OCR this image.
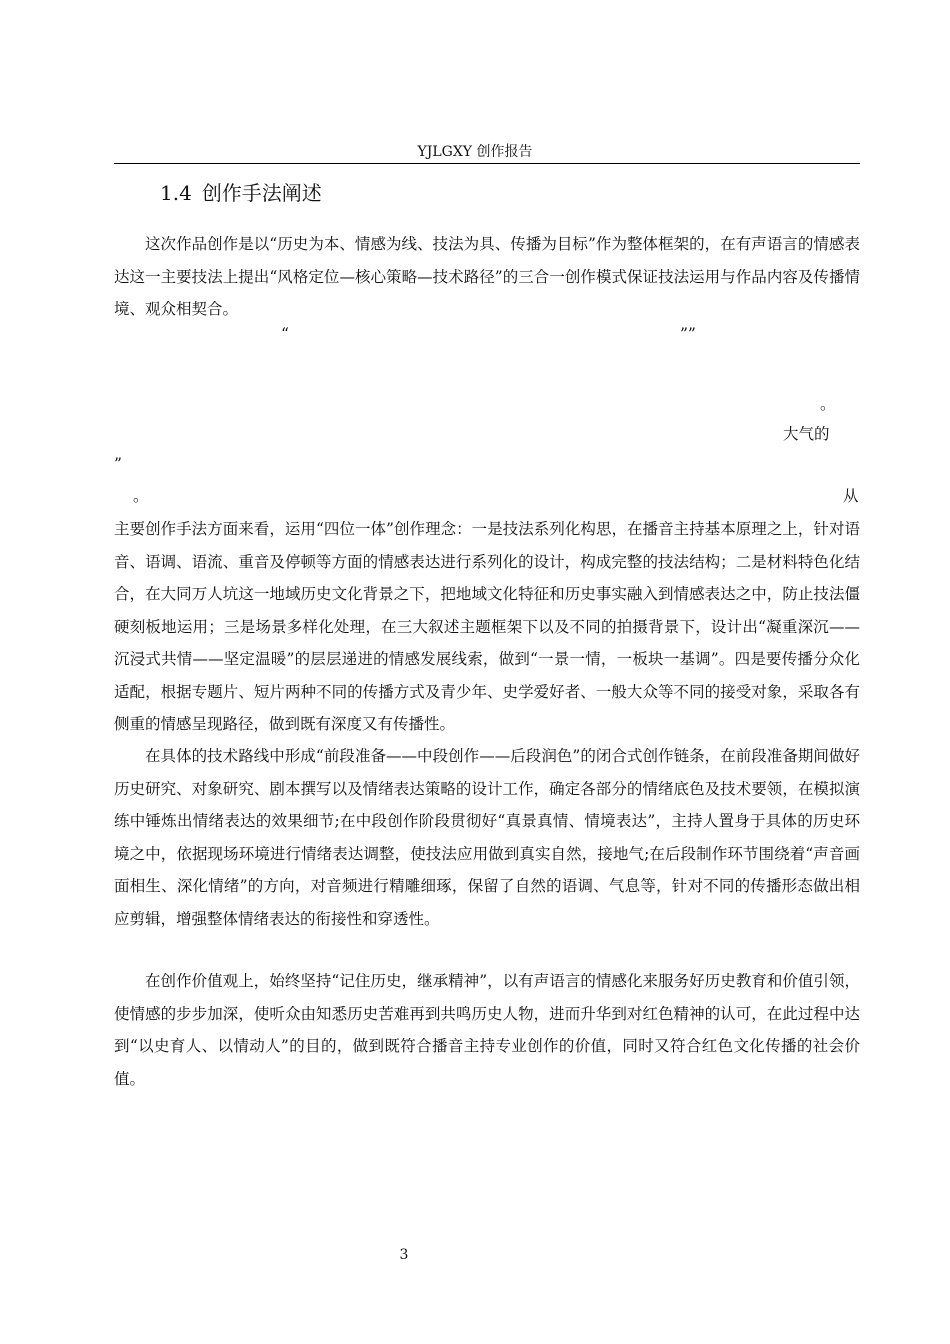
YJLGXY 创作报告
1.4 创作手法阐述

这次作品创作是以“历史为本、情感为线、技法为具、传播为目标”作为整体框架的，在有声语言的情感表达这一主要技法上提出“风格定位—核心策略—技术路径”的三合一创作模式保证技法运用与作品内容及传播情境、观众相契合。

“	””
。
大气的
”
。	从

主要创作手法方面来看，运用“四位一体”创作理念：一是技法系列化构思，在播音主持基本原理之上，针对语音、语调、语流、重音及停顿等方面的情感表达进行系列化的设计，构成完整的技法结构；二是材料特色化结合，在大同万人坑这一地域历史文化背景之下，把地域文化特征和历史事实融入到情感表达之中，防止技法僵硬刻板地运用；三是场景多样化处理，在三大叙述主题框架下以及不同的拍摄背景下，设计出“凝重深沉——沉浸式共情——坚定温暖”的层层递进的情感发展线索，做到“一景一情，一板块一基调”。四是要传播分众化适配，根据专题片、短片两种不同的传播方式及青少年、史学爱好者、一般大众等不同的接受对象，采取各有侧重的情感呈现路径，做到既有深度又有传播性。

在具体的技术路线中形成“前段准备——中段创作——后段润色”的闭合式创作链条，在前段准备期间做好历史研究、对象研究、剧本撰写以及情绪表达策略的设计工作，确定各部分的情绪底色及技术要领，在模拟演练中锤炼出情绪表达的效果细节;在中段创作阶段贯彻好“真景真情、情境表达”，主持人置身于具体的历史环境之中，依据现场环境进行情绪表达调整，使技法应用做到真实自然，接地气;在后段制作环节围绕着“声音画面相生、深化情绪”的方向，对音频进行精雕细琢，保留了自然的语调、气息等，针对不同的传播形态做出相应剪辑，增强整体情绪表达的衔接性和穿透性。

在创作价值观上，始终坚持“记住历史，继承精神”，以有声语言的情感化来服务好历史教育和价值引领，使情感的步步加深，使听众由知悉历史苦难再到共鸣历史人物，进而升华到对红色精神的认可，在此过程中达到“以史育人、以情动人”的目的，做到既符合播音主持专业创作的价值，同时又符合红色文化传播的社会价值。

3
